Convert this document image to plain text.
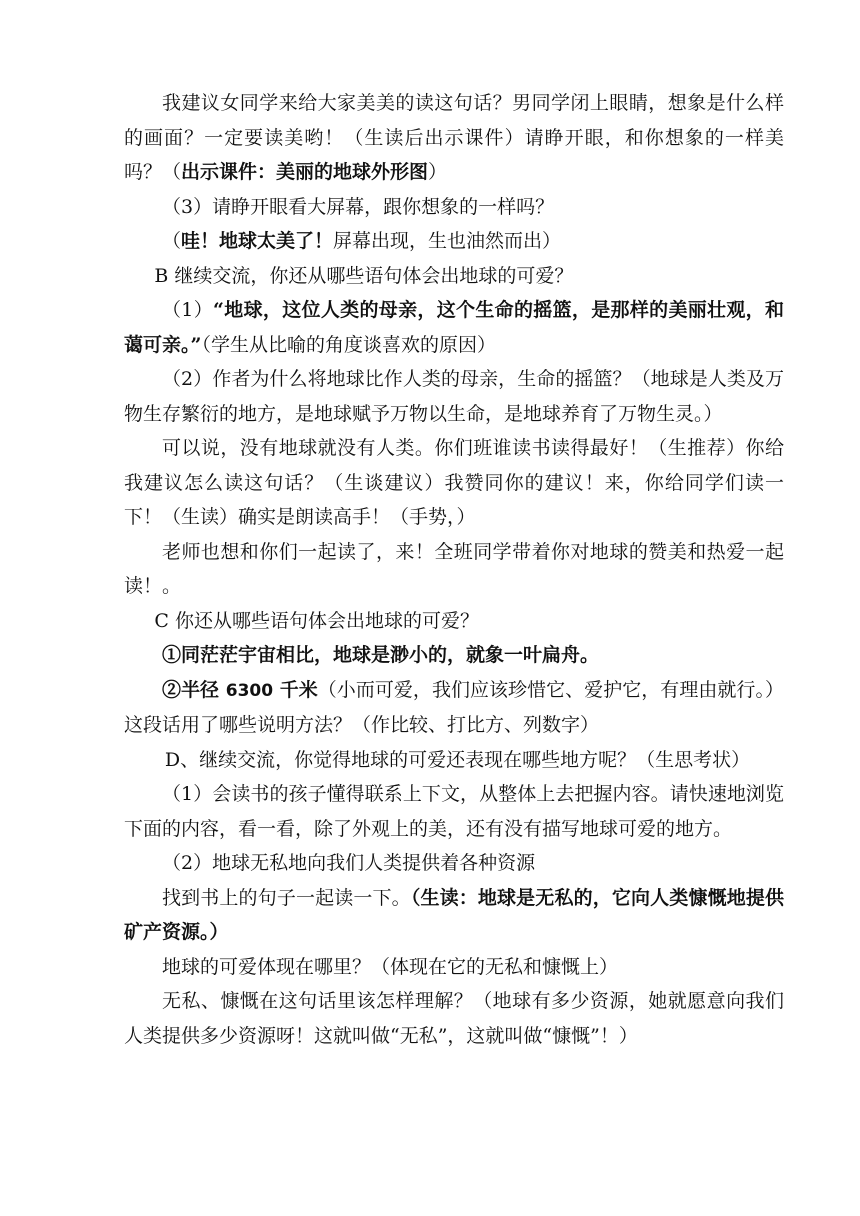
我建议女同学来给大家美美的读这句话？男同学闭上眼睛，想象是什么样的画面？一定要读美哟！（生读后出示课件）请睁开眼，和你想象的一样美吗？（出示课件：美丽的地球外形图）

（3）请睁开眼看大屏幕，跟你想象的一样吗？

（哇！地球太美了！屏幕出现，生也油然而出）

B 继续交流，你还从哪些语句体会出地球的可爱？

（1）“地球，这位人类的母亲，这个生命的摇篮，是那样的美丽壮观，和蔼可亲。”（学生从比喻的角度谈喜欢的原因）

（2）作者为什么将地球比作人类的母亲，生命的摇篮？（地球是人类及万物生存繁衍的地方，是地球赋予万物以生命，是地球养育了万物生灵。）

可以说，没有地球就没有人类。你们班谁读书读得最好！（生推荐）你给我建议怎么读这句话？（生谈建议）我赞同你的建议！来，你给同学们读一下！（生读）确实是朗读高手！（手势，）

老师也想和你们一起读了，来！全班同学带着你对地球的赞美和热爱一起读！。

C 你还从哪些语句体会出地球的可爱？

①同茫茫宇宙相比，地球是渺小的，就象一叶扁舟。

②半径 6300 千米（小而可爱，我们应该珍惜它、爱护它，有理由就行。）这段话用了哪些说明方法？（作比较、打比方、列数字）

D、继续交流，你觉得地球的可爱还表现在哪些地方呢？（生思考状）

（1）会读书的孩子懂得联系上下文，从整体上去把握内容。请快速地浏览下面的内容，看一看，除了外观上的美，还有没有描写地球可爱的地方。

（2）地球无私地向我们人类提供着各种资源

找到书上的句子一起读一下。（生读：地球是无私的，它向人类慷慨地提供矿产资源。）

地球的可爱体现在哪里？（体现在它的无私和慷慨上）

无私、慷慨在这句话里该怎样理解？（地球有多少资源，她就愿意向我们人类提供多少资源呀！这就叫做“无私”，这就叫做“慷慨”！）
